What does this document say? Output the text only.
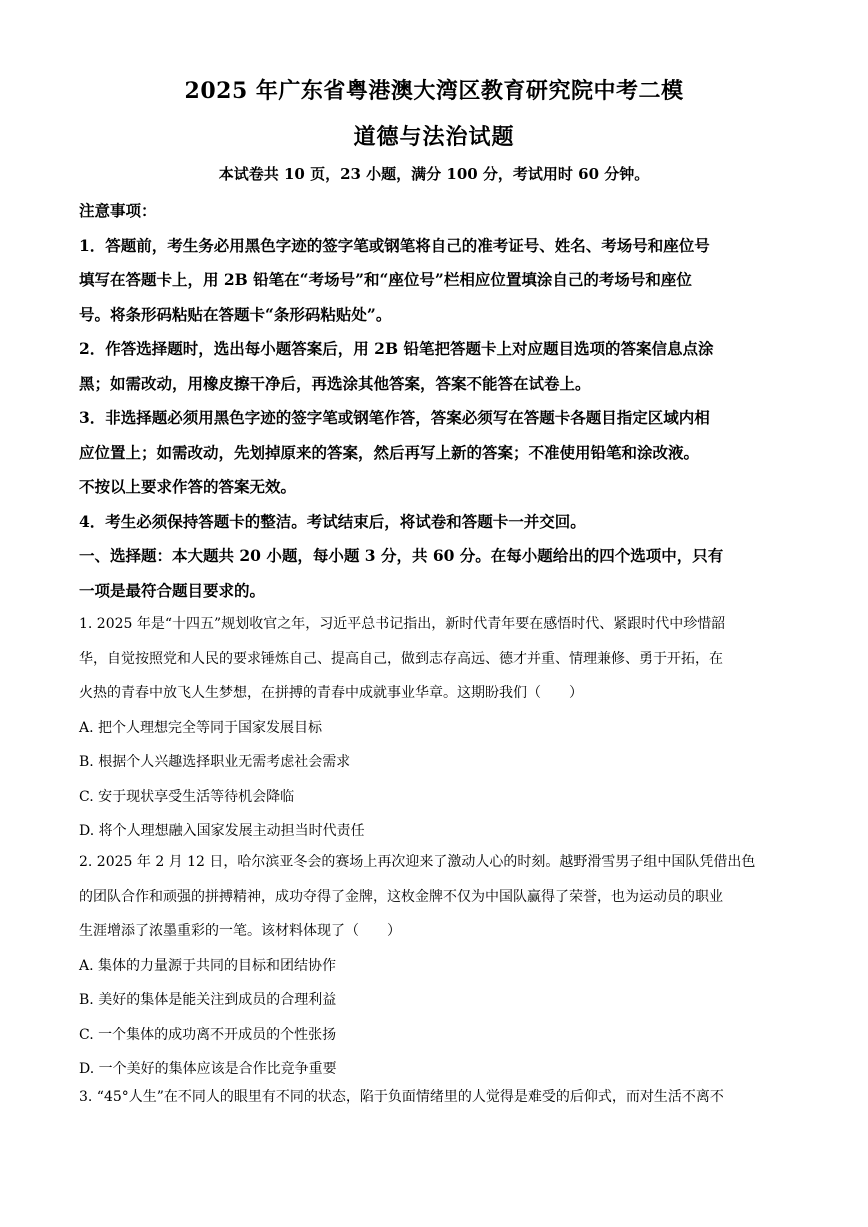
2025 年广东省粤港澳大湾区教育研究院中考二模
道德与法治试题
本试卷共 10 页，23 小题，满分 100 分，考试用时 60 分钟。
注意事项：
1．答题前，考生务必用黑色字迹的签字笔或钢笔将自己的准考证号、姓名、考场号和座位号
填写在答题卡上，用 2B 铅笔在“考场号”和“座位号”栏相应位置填涂自己的考场号和座位
号。将条形码粘贴在答题卡“条形码粘贴处”。
2．作答选择题时，选出每小题答案后，用 2B 铅笔把答题卡上对应题目选项的答案信息点涂
黑；如需改动，用橡皮擦干净后，再选涂其他答案，答案不能答在试卷上。
3．非选择题必须用黑色字迹的签字笔或钢笔作答，答案必须写在答题卡各题目指定区域内相
应位置上；如需改动，先划掉原来的答案，然后再写上新的答案；不准使用铅笔和涂改液。
不按以上要求作答的答案无效。
4．考生必须保持答题卡的整洁。考试结束后，将试卷和答题卡一并交回。
一、选择题：本大题共 20 小题，每小题 3 分，共 60 分。在每小题给出的四个选项中，只有
一项是最符合题目要求的。
1. 2025 年是“十四五”规划收官之年，习近平总书记指出，新时代青年要在感悟时代、紧跟时代中珍惜韶
华，自觉按照党和人民的要求锤炼自己、提高自己，做到志存高远、德才并重、情理兼修、勇于开拓，在
火热的青春中放飞人生梦想，在拼搏的青春中成就事业华章。这期盼我们（　　）
A. 把个人理想完全等同于国家发展目标
B. 根据个人兴趣选择职业无需考虑社会需求
C. 安于现状享受生活等待机会降临
D. 将个人理想融入国家发展主动担当时代责任
2. 2025 年 2 月 12 日，哈尔滨亚冬会的赛场上再次迎来了激动人心的时刻。越野滑雪男子组中国队凭借出色
的团队合作和顽强的拼搏精神，成功夺得了金牌，这枚金牌不仅为中国队赢得了荣誉，也为运动员的职业
生涯增添了浓墨重彩的一笔。该材料体现了（　　）
A. 集体的力量源于共同的目标和团结协作
B. 美好的集体是能关注到成员的合理利益
C. 一个集体的成功离不开成员的个性张扬
D. 一个美好的集体应该是合作比竞争重要
3. “45°人生”在不同人的眼里有不同的状态，陷于负面情绪里的人觉得是难受的后仰式，而对生活不离不
